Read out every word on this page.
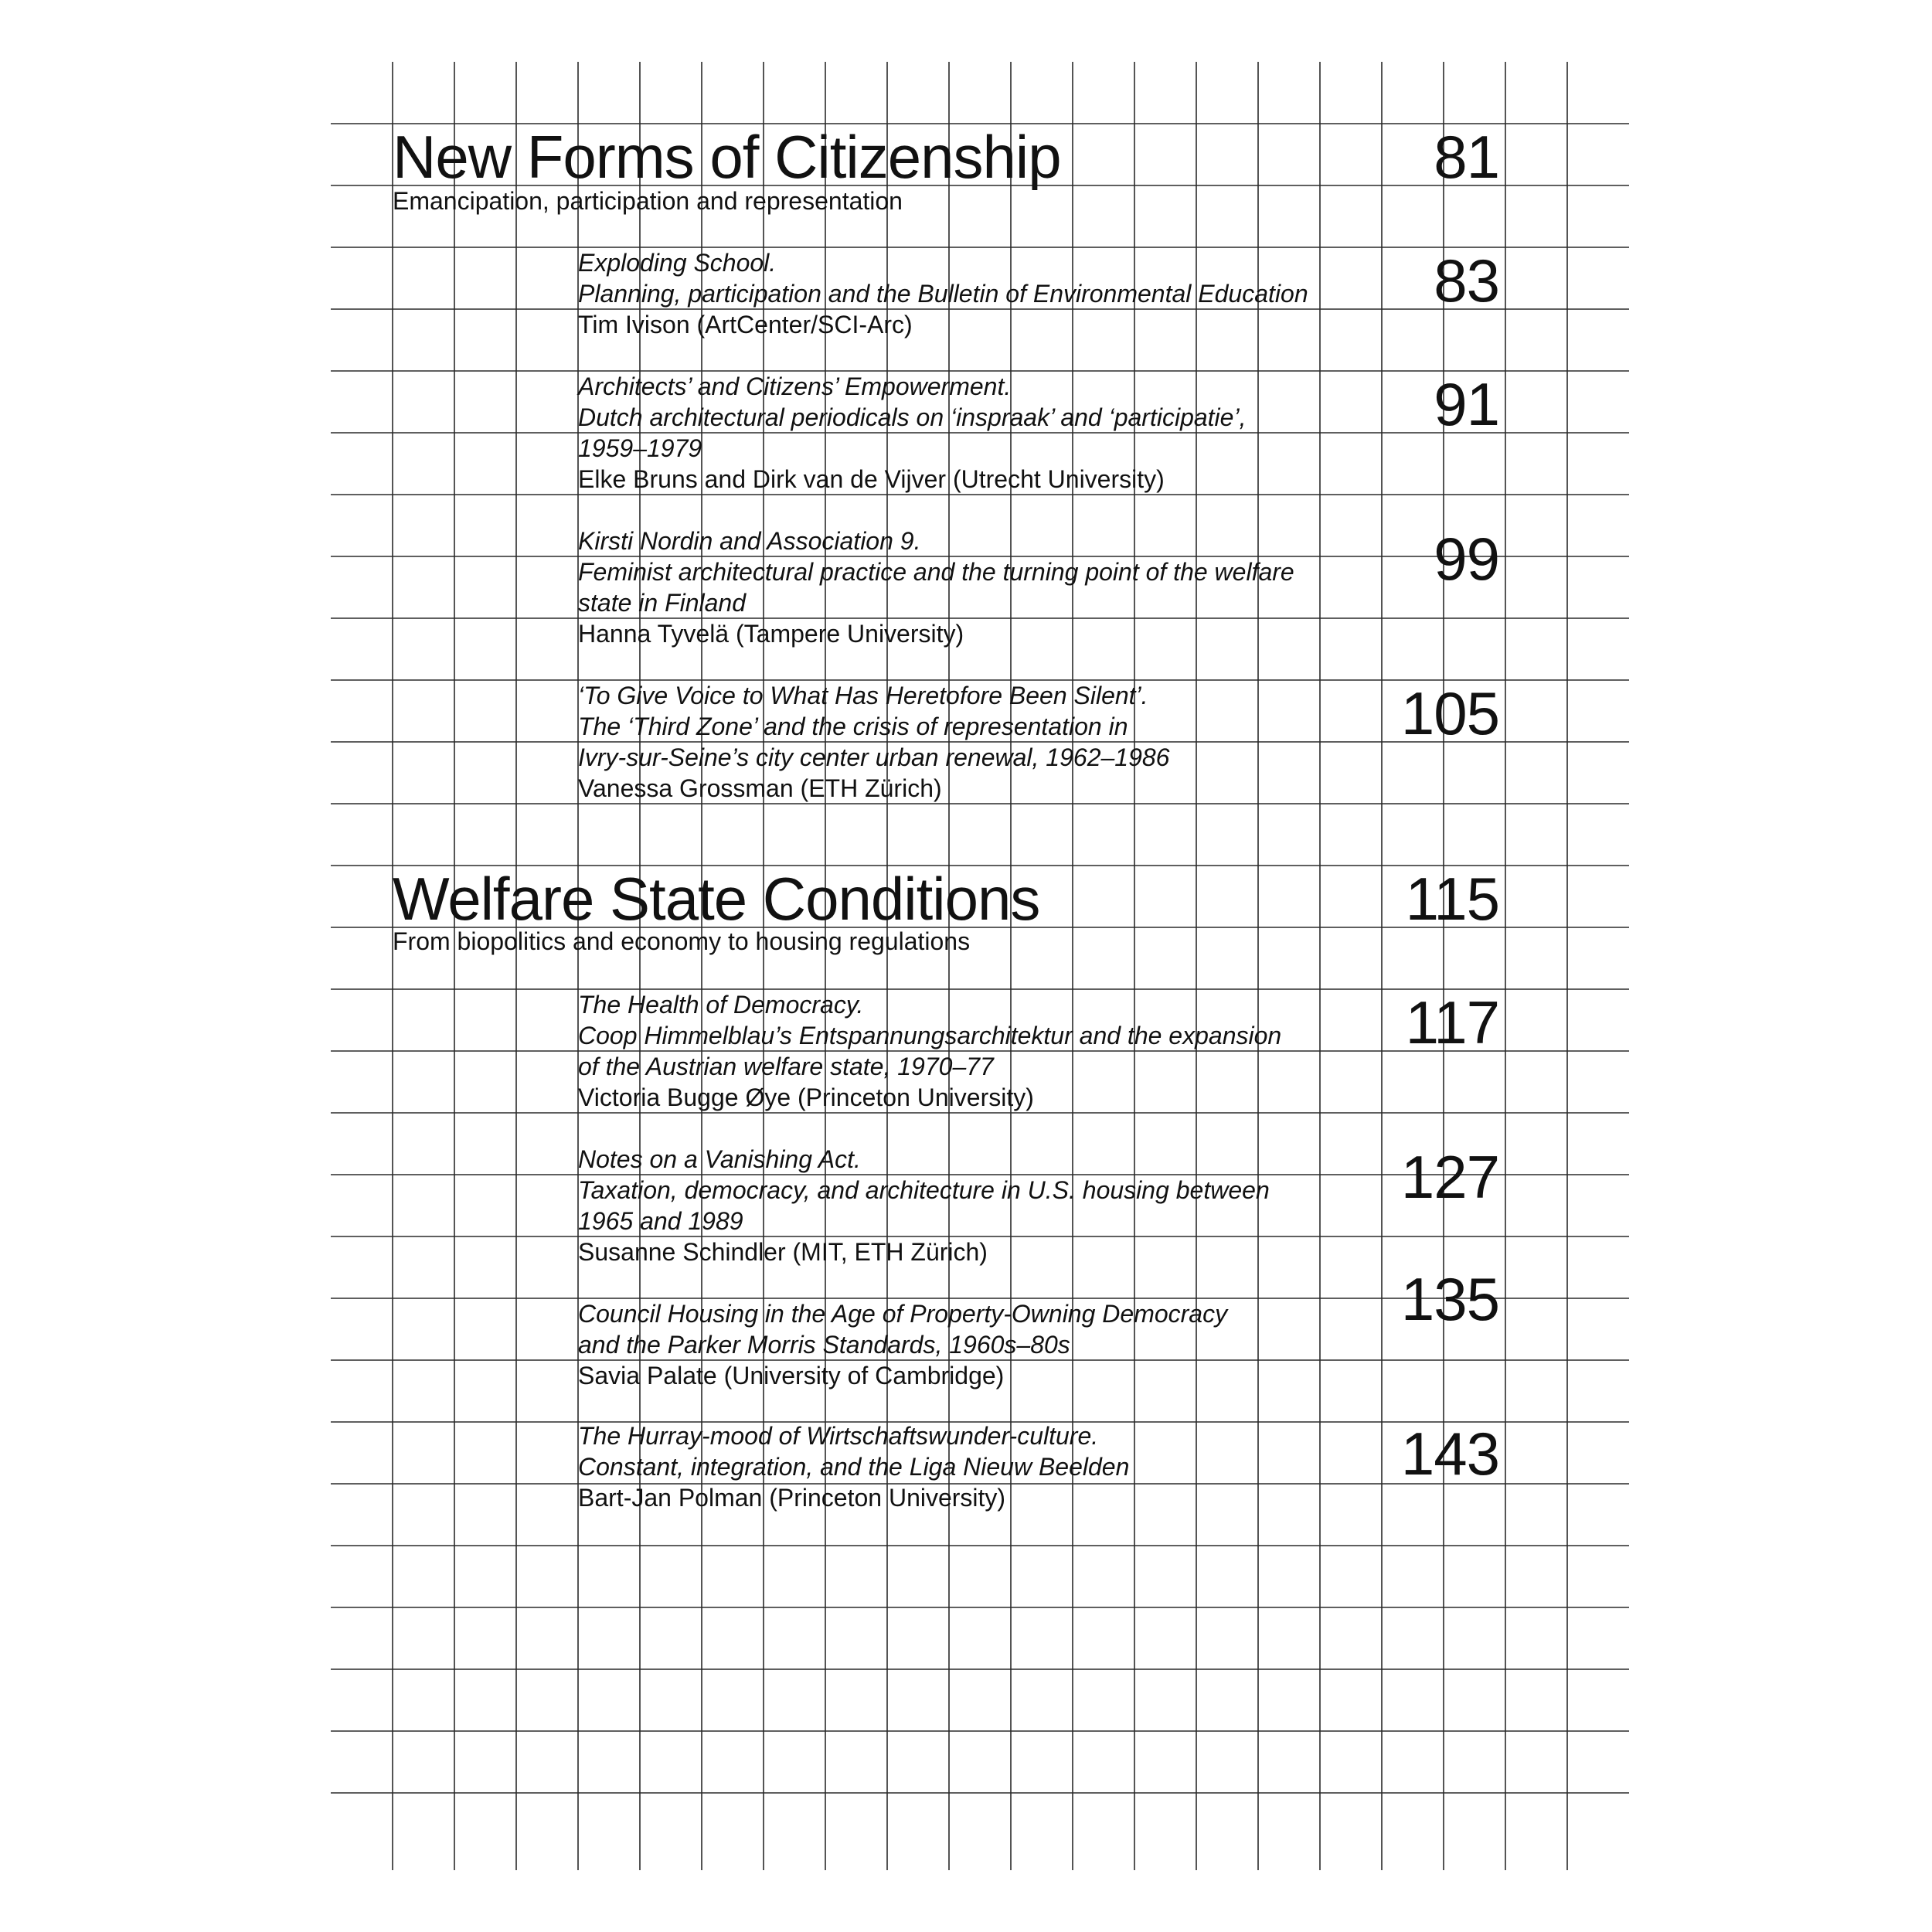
New Forms of Citizenship
Emancipation, participation and representation
81
Exploding School.
Planning, participation and the Bulletin of Environmental Education
Tim Ivison (ArtCenter/SCI-Arc)
83
Architects’ and Citizens’ Empowerment.
Dutch architectural periodicals on ‘inspraak’ and ‘participatie’,
1959–1979
Elke Bruns and Dirk van de Vijver (Utrecht University)
91
Kirsti Nordin and Association 9.
Feminist architectural practice and the turning point of the welfare
state in Finland
Hanna Tyvelä (Tampere University)
99
‘To Give Voice to What Has Heretofore Been Silent’.
The ‘Third Zone’ and the crisis of representation in
Ivry-sur-Seine’s city center urban renewal, 1962–1986
Vanessa Grossman (ETH Zürich)
105
Welfare State Conditions
From biopolitics and economy to housing regulations
115
The Health of Democracy.
Coop Himmelblau’s Entspannungsarchitektur and the expansion
of the Austrian welfare state, 1970–77
Victoria Bugge Øye (Princeton University)
117
Notes on a Vanishing Act.
Taxation, democracy, and architecture in U.S. housing between
1965 and 1989
Susanne Schindler (MIT, ETH Zürich)
127
Council Housing in the Age of Property-Owning Democracy
and the Parker Morris Standards, 1960s–80s
Savia Palate (University of Cambridge)
135
The Hurray-mood of Wirtschaftswunder-culture.
Constant, integration, and the Liga Nieuw Beelden
Bart-Jan Polman (Princeton University)
143
